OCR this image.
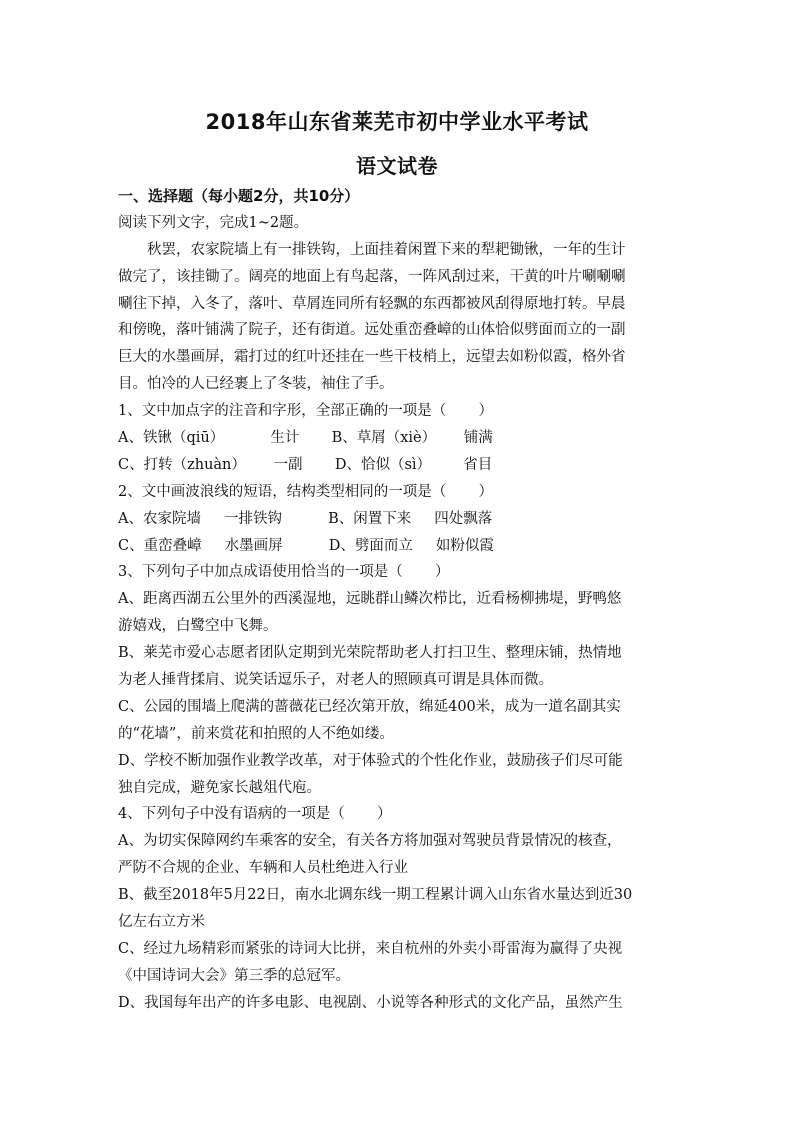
2018年山东省莱芜市初中学业水平考试
语文试卷
一、选择题（每小题2分，共10分）
阅读下列文字，完成1~2题。
秋罢，农家院墙上有一排铁钩，上面挂着闲置下来的犁耙锄锹，一年的生计
做完了，该挂锄了。阔亮的地面上有鸟起落，一阵风刮过来，干黄的叶片唰唰唰
唰往下掉，入冬了，落叶、草屑连同所有轻飘的东西都被风刮得原地打转。早晨
和傍晚，落叶铺满了院子，还有街道。远处重峦叠嶂的山体恰似劈面而立的一副
巨大的水墨画屏，霜打过的红叶还挂在一些干枝梢上，远望去如粉似霞，格外省
目。怕冷的人已经裹上了冬装，袖住了手。
1、文中加点字的注音和字形，全部正确的一项是（       ）
A、铁锹（qiū）          生计       B、草屑（xiè）      铺满
C、打转（zhuàn）      一副       D、恰似（sì）       省目
2、文中画波浪线的短语，结构类型相同的一项是（       ）
A、农家院墙     一排铁钩          B、闲置下来     四处飘落
C、重峦叠嶂     水墨画屏          D、劈面而立     如粉似霞
3、下列句子中加点成语使用恰当的一项是（       ）
A、距离西湖五公里外的西溪湿地，远眺群山鳞次栉比，近看杨柳拂堤，野鸭悠
游嬉戏，白鹭空中飞舞。
B、莱芜市爱心志愿者团队定期到光荣院帮助老人打扫卫生、整理床铺，热情地
为老人捶背揉肩、说笑话逗乐子，对老人的照顾真可谓是具体而微。
C、公园的围墙上爬满的蔷薇花已经次第开放，绵延400米，成为一道名副其实
的“花墙”，前来赏花和拍照的人不绝如缕。
D、学校不断加强作业教学改革，对于体验式的个性化作业，鼓励孩子们尽可能
独自完成，避免家长越俎代庖。
4、下列句子中没有语病的一项是（       ）
A、为切实保障网约车乘客的安全，有关各方将加强对驾驶员背景情况的核查，
严防不合规的企业、车辆和人员杜绝进入行业
B、截至2018年5月22日，南水北调东线一期工程累计调入山东省水量达到近30
亿左右立方米
C、经过九场精彩而紧张的诗词大比拼，来自杭州的外卖小哥雷海为赢得了央视
《中国诗词大会》第三季的总冠军。
D、我国每年出产的许多电影、电视剧、小说等各种形式的文化产品，虽然产生
